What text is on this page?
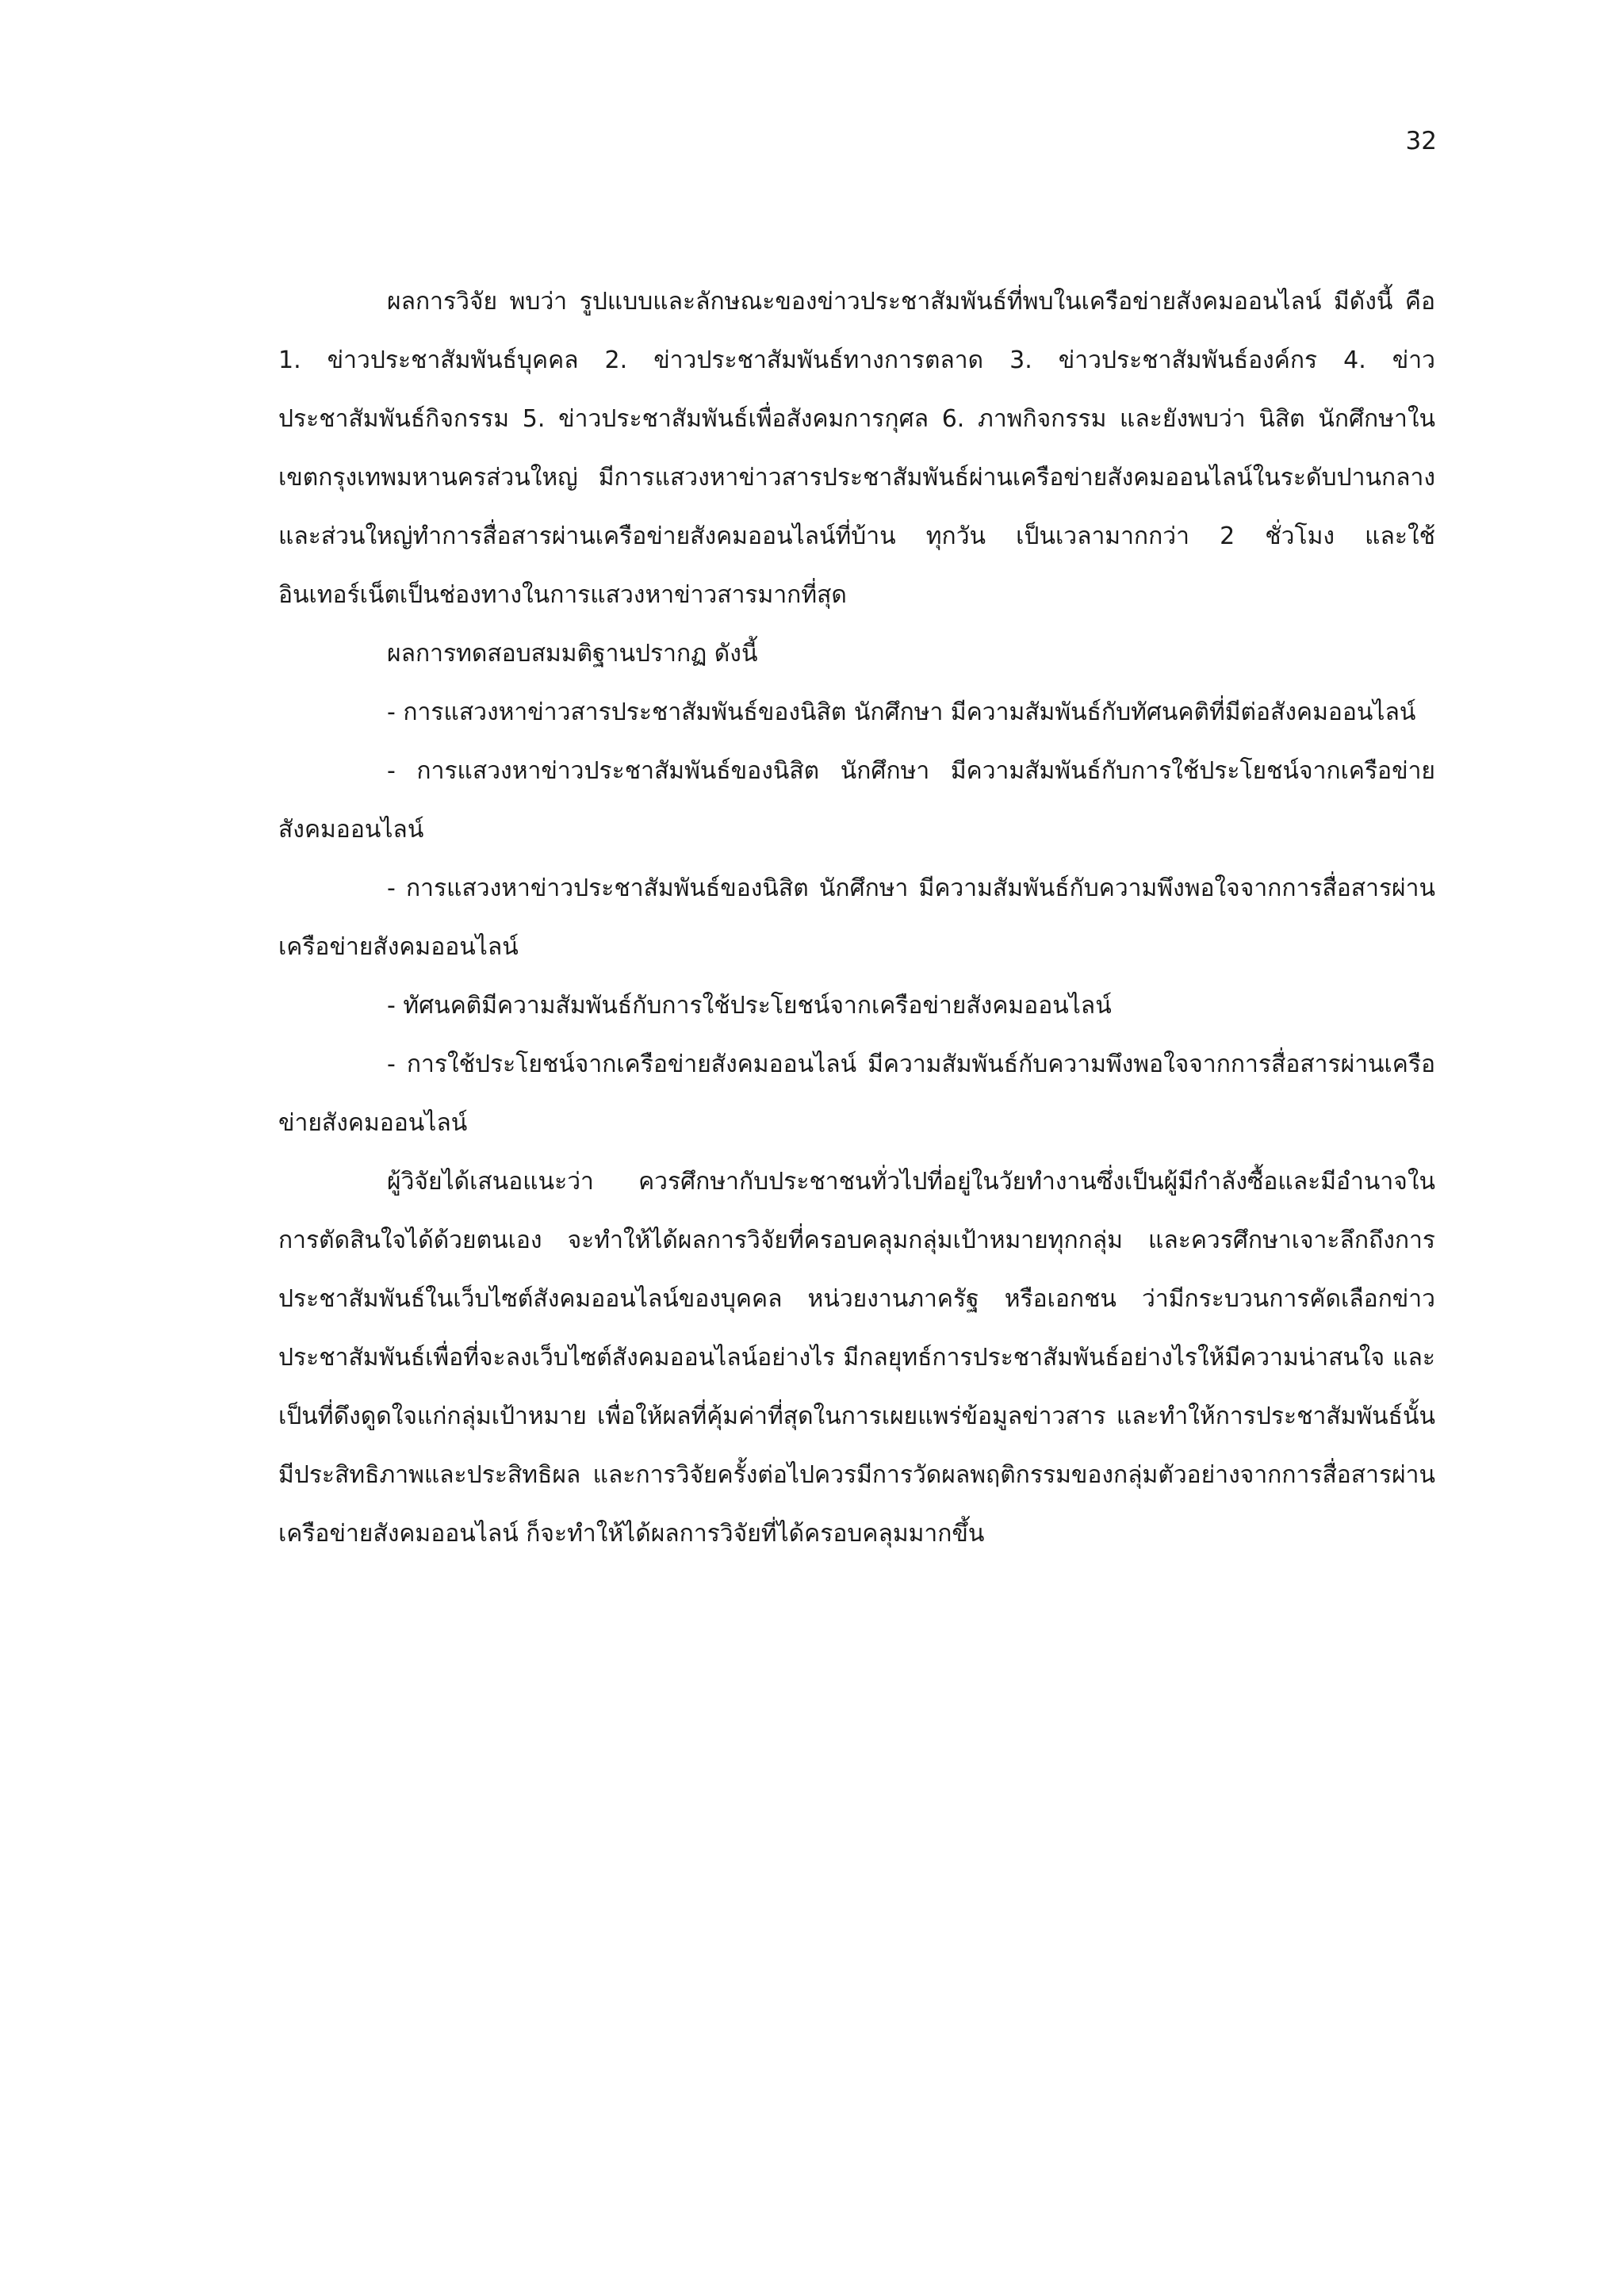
32

ผลการวิจัย พบว่า รูปแบบและลักษณะของข่าวประชาสัมพันธ์ที่พบในเครือข่ายสังคมออนไลน์ มีดังนี้ คือ 1. ข่าวประชาสัมพันธ์บุคคล 2. ข่าวประชาสัมพันธ์ทางการตลาด 3. ข่าวประชาสัมพันธ์องค์กร 4. ข่าวประชาสัมพันธ์กิจกรรม 5. ข่าวประชาสัมพันธ์เพื่อสังคมการกุศล 6. ภาพกิจกรรม และยังพบว่า นิสิต นักศึกษาในเขตกรุงเทพมหานครส่วนใหญ่ มีการแสวงหาข่าวสารประชาสัมพันธ์ผ่านเครือข่ายสังคมออนไลน์ในระดับปานกลาง และส่วนใหญ่ทำการสื่อสารผ่านเครือข่ายสังคมออนไลน์ที่บ้าน ทุกวัน เป็นเวลามากกว่า 2 ชั่วโมง และใช้อินเทอร์เน็ตเป็นช่องทางในการแสวงหาข่าวสารมากที่สุด

ผลการทดสอบสมมติฐานปรากฏ ดังนี้

- การแสวงหาข่าวสารประชาสัมพันธ์ของนิสิต นักศึกษา มีความสัมพันธ์กับทัศนคติที่มีต่อสังคมออนไลน์

- การแสวงหาข่าวประชาสัมพันธ์ของนิสิต นักศึกษา มีความสัมพันธ์กับการใช้ประโยชน์จากเครือข่ายสังคมออนไลน์

- การแสวงหาข่าวประชาสัมพันธ์ของนิสิต นักศึกษา มีความสัมพันธ์กับความพึงพอใจจากการสื่อสารผ่านเครือข่ายสังคมออนไลน์

- ทัศนคติมีความสัมพันธ์กับการใช้ประโยชน์จากเครือข่ายสังคมออนไลน์

- การใช้ประโยชน์จากเครือข่ายสังคมออนไลน์ มีความสัมพันธ์กับความพึงพอใจจากการสื่อสารผ่านเครือข่ายสังคมออนไลน์

ผู้วิจัยได้เสนอแนะว่า ควรศึกษากับประชาชนทั่วไปที่อยู่ในวัยทำงานซึ่งเป็นผู้มีกำลังซื้อและมีอำนาจในการตัดสินใจได้ด้วยตนเอง จะทำให้ได้ผลการวิจัยที่ครอบคลุมกลุ่มเป้าหมายทุกกลุ่ม และควรศึกษาเจาะลึกถึงการประชาสัมพันธ์ในเว็บไซต์สังคมออนไลน์ของบุคคล หน่วยงานภาครัฐ หรือเอกชน ว่ามีกระบวนการคัดเลือกข่าวประชาสัมพันธ์เพื่อที่จะลงเว็บไซต์สังคมออนไลน์อย่างไร มีกลยุทธ์การประชาสัมพันธ์อย่างไรให้มีความน่าสนใจ และเป็นที่ดึงดูดใจแก่กลุ่มเป้าหมาย เพื่อให้ผลที่คุ้มค่าที่สุดในการเผยแพร่ข้อมูลข่าวสาร และทำให้การประชาสัมพันธ์นั้นมีประสิทธิภาพและประสิทธิผล และการวิจัยครั้งต่อไปควรมีการวัดผลพฤติกรรมของกลุ่มตัวอย่างจากการสื่อสารผ่านเครือข่ายสังคมออนไลน์ ก็จะทำให้ได้ผลการวิจัยที่ได้ครอบคลุมมากขึ้น
